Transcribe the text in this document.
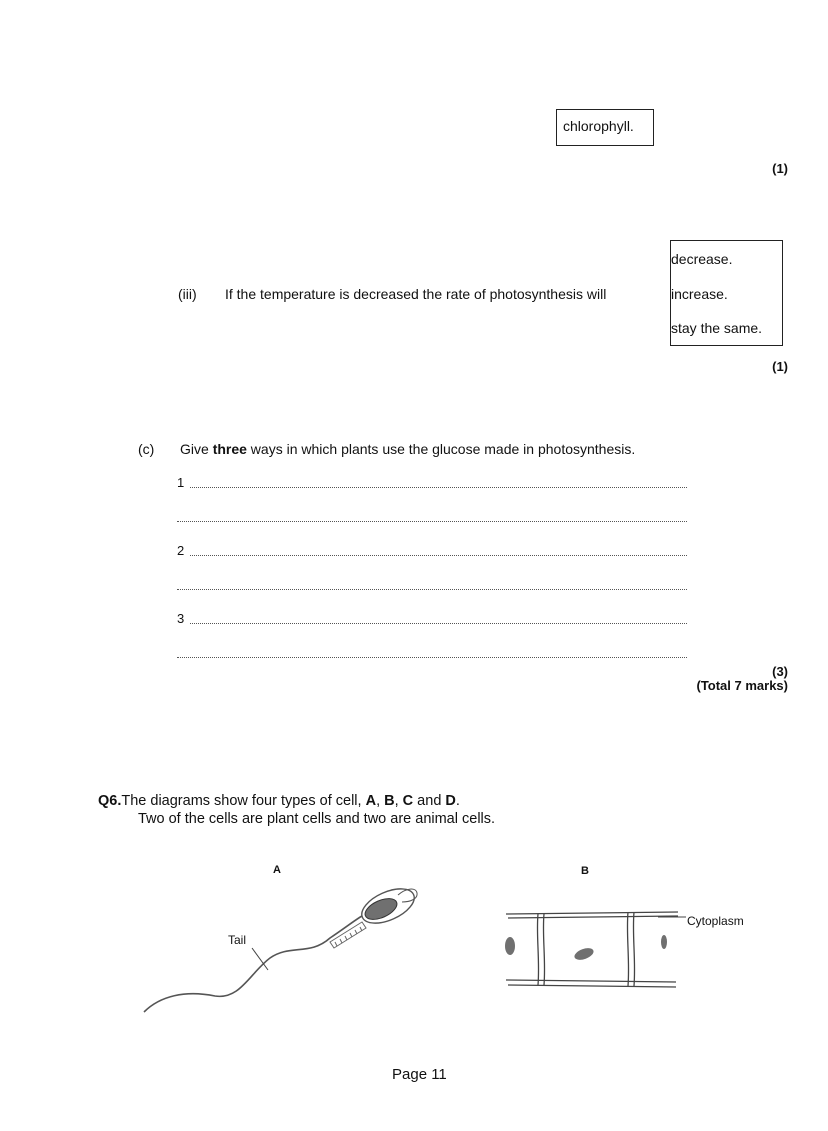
chlorophyll.
(1)
(iii) If the temperature is decreased the rate of photosynthesis will
decrease.
increase.
stay the same.
(1)
(c) Give three ways in which plants use the glucose made in photosynthesis.
1
2
3
(3)
(Total 7 marks)
Q6.The diagrams show four types of cell, A, B, C and D.
Two of the cells are plant cells and two are animal cells.
A
Tail
B
Cytoplasm
Page 11
